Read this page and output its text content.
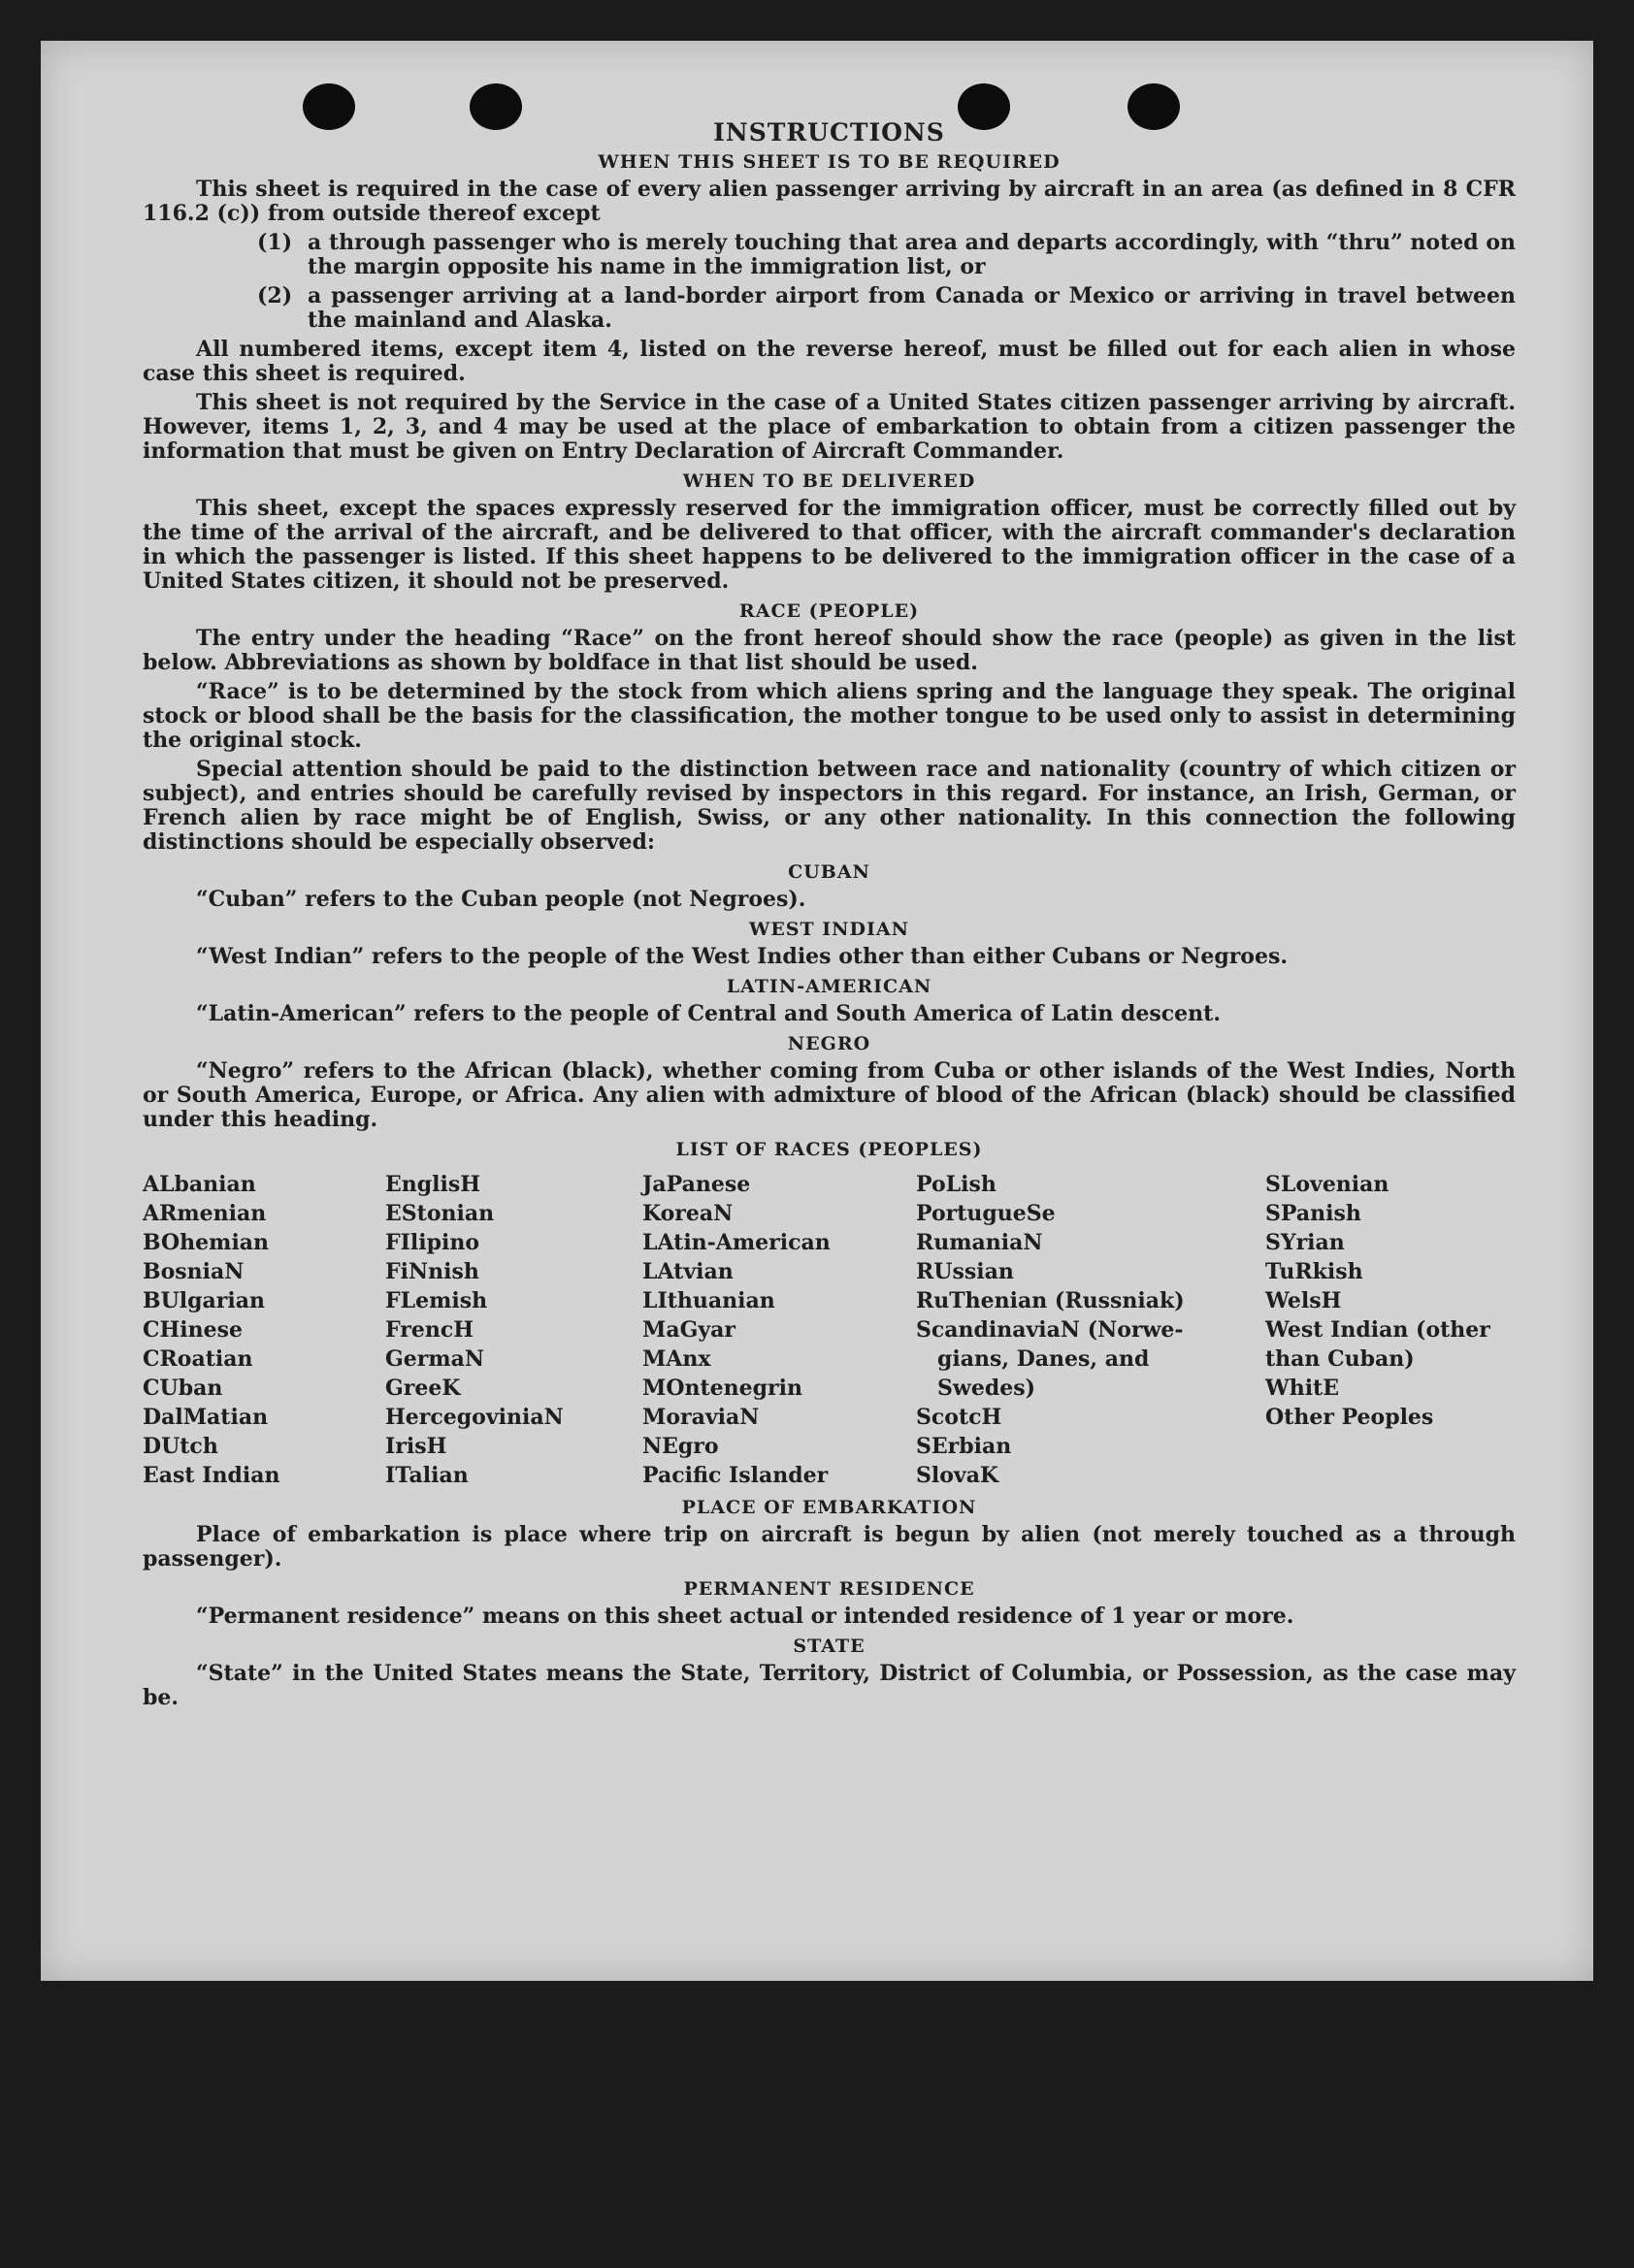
INSTRUCTIONS
WHEN THIS SHEET IS TO BE REQUIRED

This sheet is required in the case of every alien passenger arriving by aircraft in an area (as defined in 8 CFR 116.2 (c)) from outside thereof except

(1) a through passenger who is merely touching that area and departs accordingly, with “thru” noted on the margin opposite his name in the immigration list, or
(2) a passenger arriving at a land-border airport from Canada or Mexico or arriving in travel between the mainland and Alaska.

All numbered items, except item 4, listed on the reverse hereof, must be filled out for each alien in whose case this sheet is required.

This sheet is not required by the Service in the case of a United States citizen passenger arriving by aircraft. However, items 1, 2, 3, and 4 may be used at the place of embarkation to obtain from a citizen passenger the information that must be given on Entry Declaration of Aircraft Commander.

WHEN TO BE DELIVERED

This sheet, except the spaces expressly reserved for the immigration officer, must be correctly filled out by the time of the arrival of the aircraft, and be delivered to that officer, with the aircraft commander's declaration in which the passenger is listed. If this sheet happens to be delivered to the immigration officer in the case of a United States citizen, it should not be preserved.

RACE (PEOPLE)

The entry under the heading “Race” on the front hereof should show the race (people) as given in the list below. Abbreviations as shown by boldface in that list should be used.

“Race” is to be determined by the stock from which aliens spring and the language they speak. The original stock or blood shall be the basis for the classification, the mother tongue to be used only to assist in determining the original stock.

Special attention should be paid to the distinction between race and nationality (country of which citizen or subject), and entries should be carefully revised by inspectors in this regard. For instance, an Irish, German, or French alien by race might be of English, Swiss, or any other nationality. In this connection the following distinctions should be especially observed:

CUBAN

“Cuban” refers to the Cuban people (not Negroes).

WEST INDIAN

“West Indian” refers to the people of the West Indies other than either Cubans or Negroes.

LATIN-AMERICAN

“Latin-American” refers to the people of Central and South America of Latin descent.

NEGRO

“Negro” refers to the African (black), whether coming from Cuba or other islands of the West Indies, North or South America, Europe, or Africa. Any alien with admixture of blood of the African (black) should be classified under this heading.

LIST OF RACES (PEOPLES)
ALbanian
ARmenian
BOhemian
BosniaN
BUlgarian
CHinese
CRoatian
CUban
DalMatian
DUtch
East Indian
EnglisH
EStonian
FIlipino
FiNnish
FLemish
FrencH
GermaN
GreeK
HercegoviniaN
IrisH
ITalian
JaPanese
KoreaN
LAtin-American
LAtvian
LIthuanian
MaGyar
MAnx
MOntenegrin
MoraviaN
NEgro
Pacific Islander
PoLish
PortugueSe
RumaniaN
RUssian
RuThenian (Russniak)
ScandinaviaN (Norwe-
gians, Danes, and
Swedes)
ScotcH
SErbian
SlovaK
SLovenian
SPanish
SYrian
TuRkish
WelsH
West Indian (other
than Cuban)
WhitE
Other Peoples
PLACE OF EMBARKATION

Place of embarkation is place where trip on aircraft is begun by alien (not merely touched as a through passenger).

PERMANENT RESIDENCE

“Permanent residence” means on this sheet actual or intended residence of 1 year or more.

STATE

“State” in the United States means the State, Territory, District of Columbia, or Possession, as the case may be.
